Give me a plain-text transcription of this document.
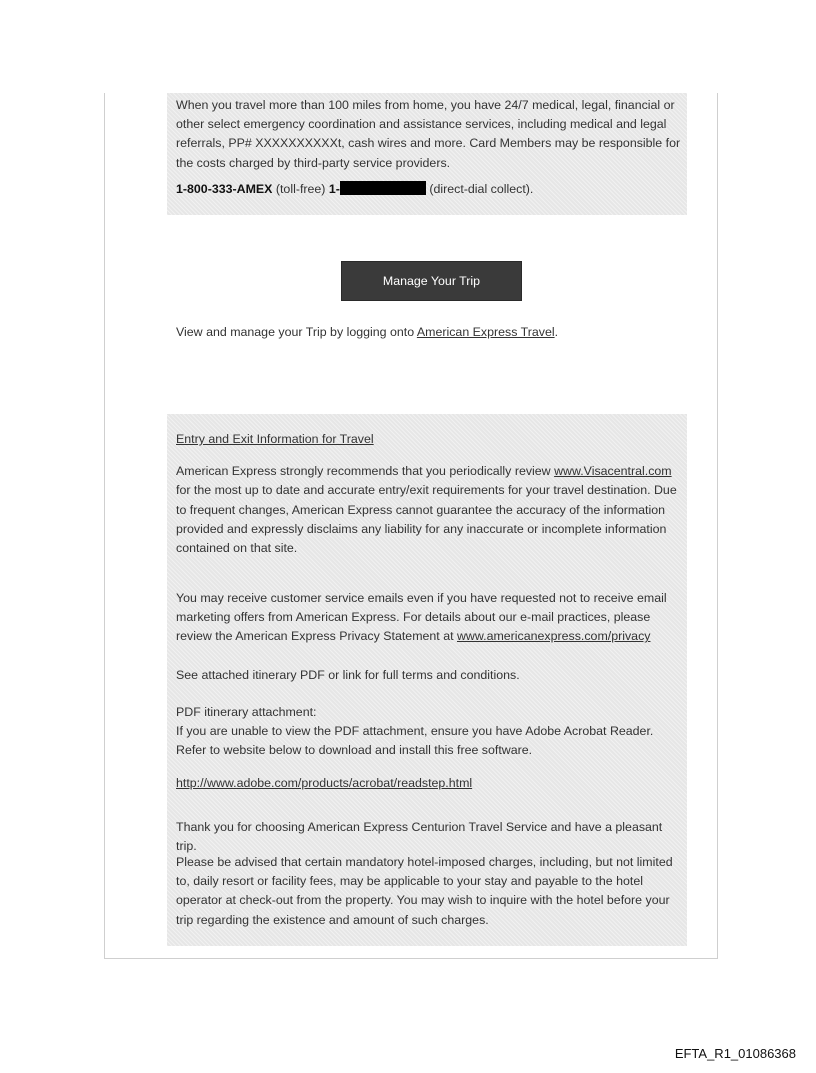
When you travel more than 100 miles from home, you have 24/7 medical, legal, financial or other select emergency coordination and assistance services, including medical and legal referrals, PP# XXXXXXXXXXt, cash wires and more. Card Members may be responsible for the costs charged by third-party service providers.

1-800-333-AMEX (toll-free) 1-	(direct-dial collect).

Manage Your Trip

View and manage your Trip by logging onto American Express Travel.

Entry and Exit Information for Travel

American Express strongly recommends that you periodically review www.Visacentral.com for the most up to date and accurate entry/exit requirements for your travel destination. Due to frequent changes, American Express cannot guarantee the accuracy of the information provided and expressly disclaims any liability for any inaccurate or incomplete information contained on that site.

You may receive customer service emails even if you have requested not to receive email marketing offers from American Express. For details about our e-mail practices, please review the American Express Privacy Statement at www.americanexpress.com/privacy

See attached itinerary PDF or link for full terms and conditions.

PDF itinerary attachment:

If you are unable to view the PDF attachment, ensure you have Adobe Acrobat Reader. Refer to website below to download and install this free software.

http://www.adobe.com/products/acrobat/readstep.html

Thank you for choosing American Express Centurion Travel Service and have a pleasant trip.
Please be advised that certain mandatory hotel-imposed charges, including, but not limited to, daily resort or facility fees, may be applicable to your stay and payable to the hotel operator at check-out from the property. You may wish to inquire with the hotel before your trip regarding the existence and amount of such charges.
EFTA_R1_01086368
